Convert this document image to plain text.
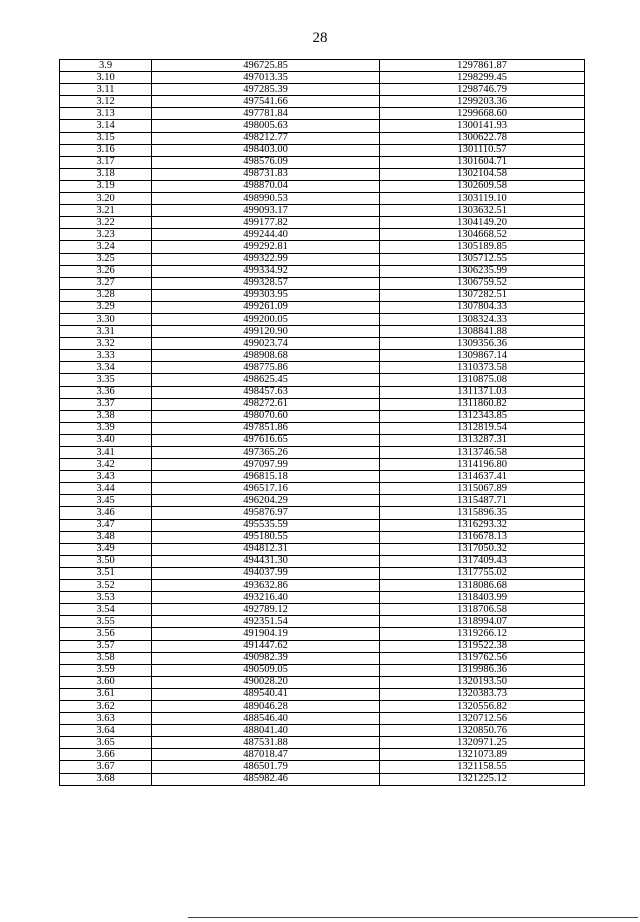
28
3.9	496725.85	1297861.87
3.10	497013.35	1298299.45
3.11	497285.39	1298746.79
3.12	497541.66	1299203.36
3.13	497781.84	1299668.60
3.14	498005.63	1300141.93
3.15	498212.77	1300622.78
3.16	498403.00	1301110.57
3.17	498576.09	1301604.71
3.18	498731.83	1302104.58
3.19	498870.04	1302609.58
3.20	498990.53	1303119.10
3.21	499093.17	1303632.51
3.22	499177.82	1304149.20
3.23	499244.40	1304668.52
3.24	499292.81	1305189.85
3.25	499322.99	1305712.55
3.26	499334.92	1306235.99
3.27	499328.57	1306759.52
3.28	499303.95	1307282.51
3.29	499261.09	1307804.33
3.30	499200.05	1308324.33
3.31	499120.90	1308841.88
3.32	499023.74	1309356.36
3.33	498908.68	1309867.14
3.34	498775.86	1310373.58
3.35	498625.45	1310875.08
3.36	498457.63	1311371.03
3.37	498272.61	1311860.82
3.38	498070.60	1312343.85
3.39	497851.86	1312819.54
3.40	497616.65	1313287.31
3.41	497365.26	1313746.58
3.42	497097.99	1314196.80
3.43	496815.18	1314637.41
3.44	496517.16	1315067.89
3.45	496204.29	1315487.71
3.46	495876.97	1315896.35
3.47	495535.59	1316293.32
3.48	495180.55	1316678.13
3.49	494812.31	1317050.32
3.50	494431.30	1317409.43
3.51	494037.99	1317755.02
3.52	493632.86	1318086.68
3.53	493216.40	1318403.99
3.54	492789.12	1318706.58
3.55	492351.54	1318994.07
3.56	491904.19	1319266.12
3.57	491447.62	1319522.38
3.58	490982.39	1319762.56
3.59	490509.05	1319986.36
3.60	490028.20	1320193.50
3.61	489540.41	1320383.73
3.62	489046.28	1320556.82
3.63	488546.40	1320712.56
3.64	488041.40	1320850.76
3.65	487531.88	1320971.25
3.66	487018.47	1321073.89
3.67	486501.79	1321158.55
3.68	485982.46	1321225.12
